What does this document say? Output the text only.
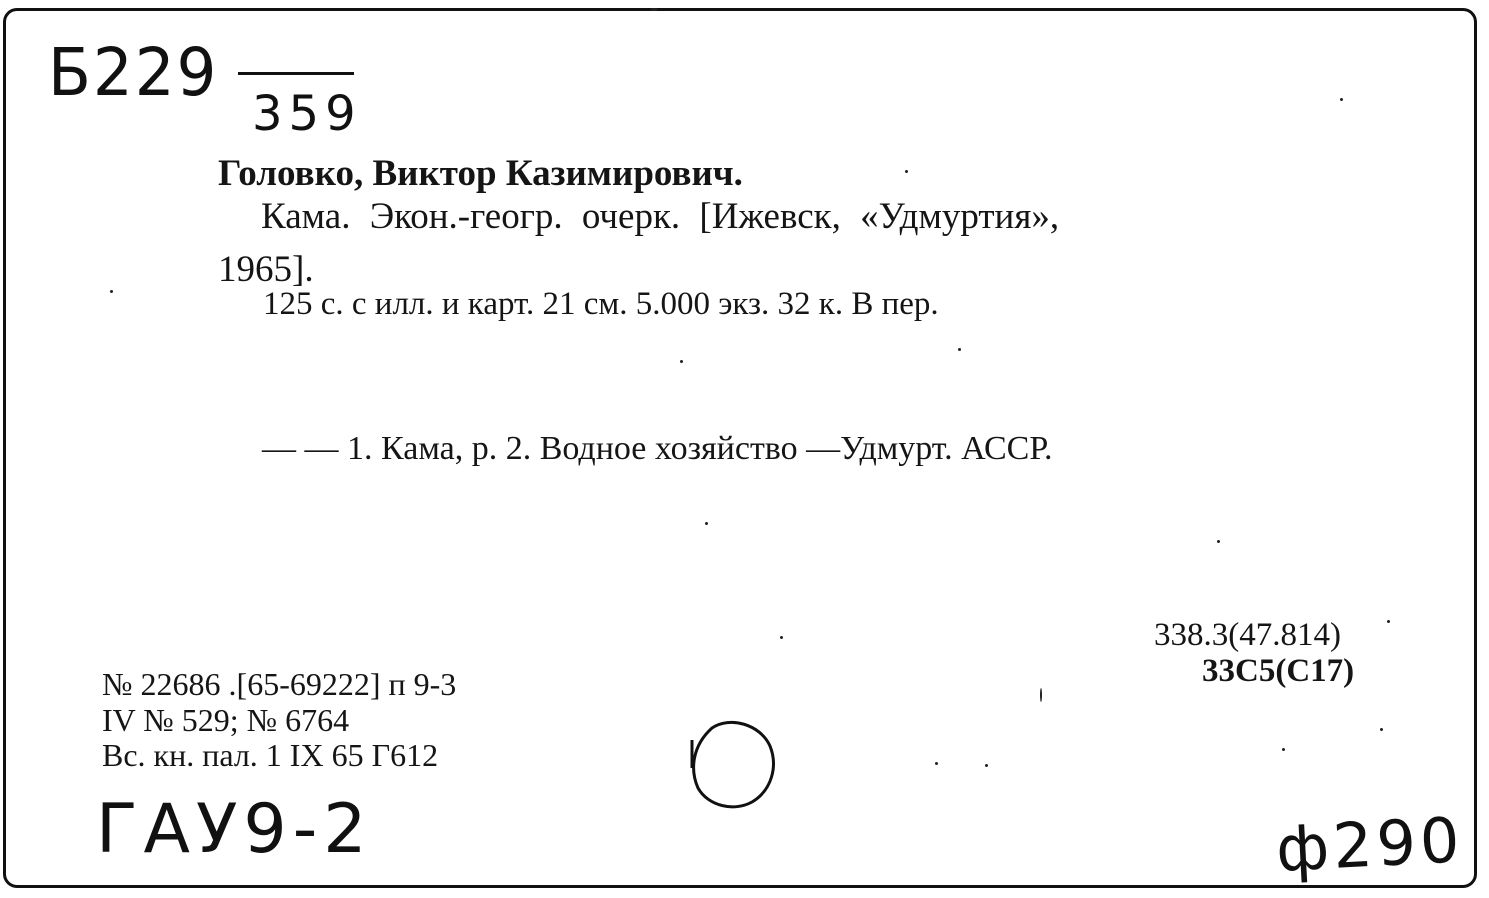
Б229
359
Головко, Виктор Казимирович.
Кама. Экон.-геогр. очерк. [Ижевск, «Удмуртия»,
1965].
125 с. с илл. и карт. 21 см. 5.000 экз. 32 к. В пер.
— — 1. Кама, р. 2. Водное хозяйство —Удмурт. АССР.
338.3(47.814)
33С5(С17)
№ 22686 .[65-69222] п 9-3
IV № 529; № 6764
Вс. кн. пал. 1 IX 65 Г612
ГАУ9-2	ф290
